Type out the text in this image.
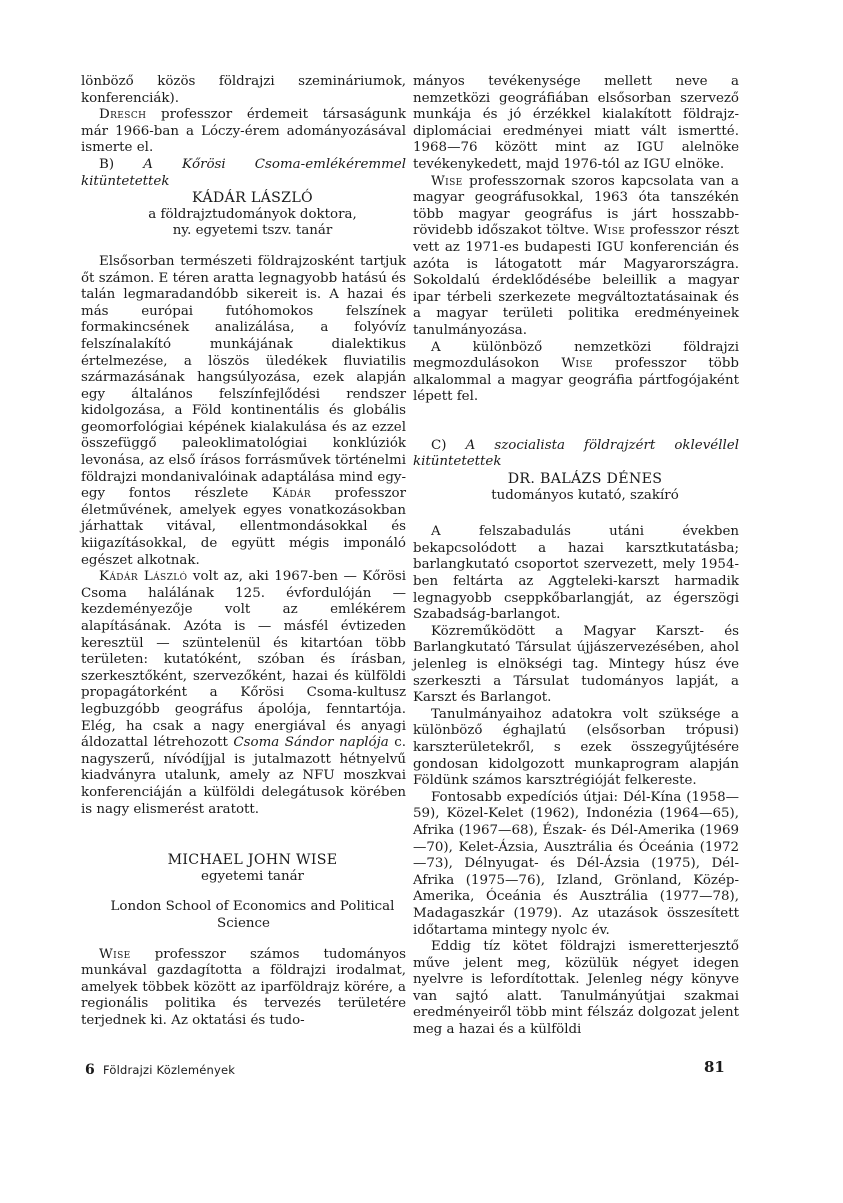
lönböző közös földrajzi szemináriumok, konferenciák).

Dresch professzor érdemeit társaságunk már 1966-ban a Lóczy-érem adományozásával ismerte el.

B) A Kőrösi Csoma-emlékéremmel kitüntetettek

KÁDÁR LÁSZLÓ

a földrajztudományok doktora,

ny. egyetemi tszv. tanár

Elsősorban természeti földrajzosként tartjuk őt számon. E téren aratta legnagyobb hatású és talán legmaradandóbb sikereit is. A hazai és más európai futóhomokos felszínek formakincsének analizálása, a folyóvíz felszínalakító munkájának dialektikus értelmezése, a löszös üledékek fluviatilis származásának hangsúlyozása, ezek alapján egy általános felszínfejlődési rendszer kidolgozása, a Föld kontinentális és globális geomorfológiai képének kialakulása és az ezzel összefüggő paleoklimatológiai konklúziók levonása, az első írásos forrásművek történelmi földrajzi mondanivalóinak adaptálása mind egy-egy fontos részlete Kádár professzor életművének, amelyek egyes vonatkozásokban járhattak vitával, ellentmondásokkal és kiigazításokkal, de együtt mégis imponáló egészet alkotnak.

Kádár László volt az, aki 1967-ben — Kőrösi Csoma halálának 125. évfordulóján — kezdeményezője volt az emlékérem alapításának. Azóta is — másfél évtizeden keresztül — szüntelenül és kitartóan több területen: kutatóként, szóban és írásban, szerkesztőként, szervezőként, hazai és külföldi propagátorként a Kőrösi Csoma-kultusz legbuzgóbb geográfus ápolója, fenntartója. Elég, ha csak a nagy energiával és anyagi áldozattal létrehozott Csoma Sándor naplója c. nagyszerű, nívódíjjal is jutalmazott hétnyelvű kiadványra utalunk, amely az NFU moszkvai konferenciáján a külföldi delegátusok körében is nagy elismerést aratott.

MICHAEL JOHN WISE

egyetemi tanár

London School of Economics and Political Science

Wise professzor számos tudományos munkával gazdagította a földrajzi irodalmat, amelyek többek között az iparföldrajz körére, a regionális politika és tervezés területére terjednek ki. Az oktatási és tudo-

mányos tevékenysége mellett neve a nemzetközi geográfiában elsősorban szervező munkája és jó érzékkel kialakított földrajz-diplomáciai eredményei miatt vált ismertté. 1968—76 között mint az IGU alelnöke tevékenykedett, majd 1976-tól az IGU elnöke.

Wise professzornak szoros kapcsolata van a magyar geográfusokkal, 1963 óta tanszékén több magyar geográfus is járt hosszabb-rövidebb időszakot töltve. Wise professzor részt vett az 1971-es budapesti IGU konferencián és azóta is látogatott már Magyarországra. Sokoldalú érdeklődésébe beleillik a magyar ipar térbeli szerkezete megváltoztatásainak és a magyar területi politika eredményeinek tanulmányozása.

A különböző nemzetközi földrajzi megmozdulásokon Wise professzor több alkalommal a magyar geográfia pártfogójaként lépett fel.

C) A szocialista földrajzért oklevéllel kitüntetettek

DR. BALÁZS DÉNES

tudományos kutató, szakíró

A felszabadulás utáni években bekapcsolódott a hazai karsztkutatásba; barlangkutató csoportot szervezett, mely 1954-ben feltárta az Aggteleki-karszt harmadik legnagyobb cseppkőbarlangját, az égerszögi Szabadság-barlangot.

Közreműködött a Magyar Karszt- és Barlangkutató Társulat újjászervezésében, ahol jelenleg is elnökségi tag. Mintegy húsz éve szerkeszti a Társulat tudományos lapját, a Karszt és Barlangot.

Tanulmányaihoz adatokra volt szüksége a különböző éghajlatú (elsősorban trópusi) karszterületekről, s ezek összegyűjtésére gondosan kidolgozott munkaprogram alapján Földünk számos karsztrégióját felkereste.

Fontosabb expedíciós útjai: Dél-Kína (1958—59), Közel-Kelet (1962), Indonézia (1964—65), Afrika (1967—68), Észak- és Dél-Amerika (1969—70), Kelet-Ázsia, Ausztrália és Óceánia (1972—73), Délnyugat- és Dél-Ázsia (1975), Dél-Afrika (1975—76), Izland, Grönland, Közép-Amerika, Óceánia és Ausztrália (1977—78), Madagaszkár (1979). Az utazások összesített időtartama mintegy nyolc év.

Eddig tíz kötet földrajzi ismeretterjesztő műve jelent meg, közülük négyet idegen nyelvre is lefordítottak. Jelenleg négy könyve van sajtó alatt. Tanulmányútjai szakmai eredményeiről több mint félszáz dolgozat jelent meg a hazai és a külföldi

6 Földrajzi Közlemények	81
